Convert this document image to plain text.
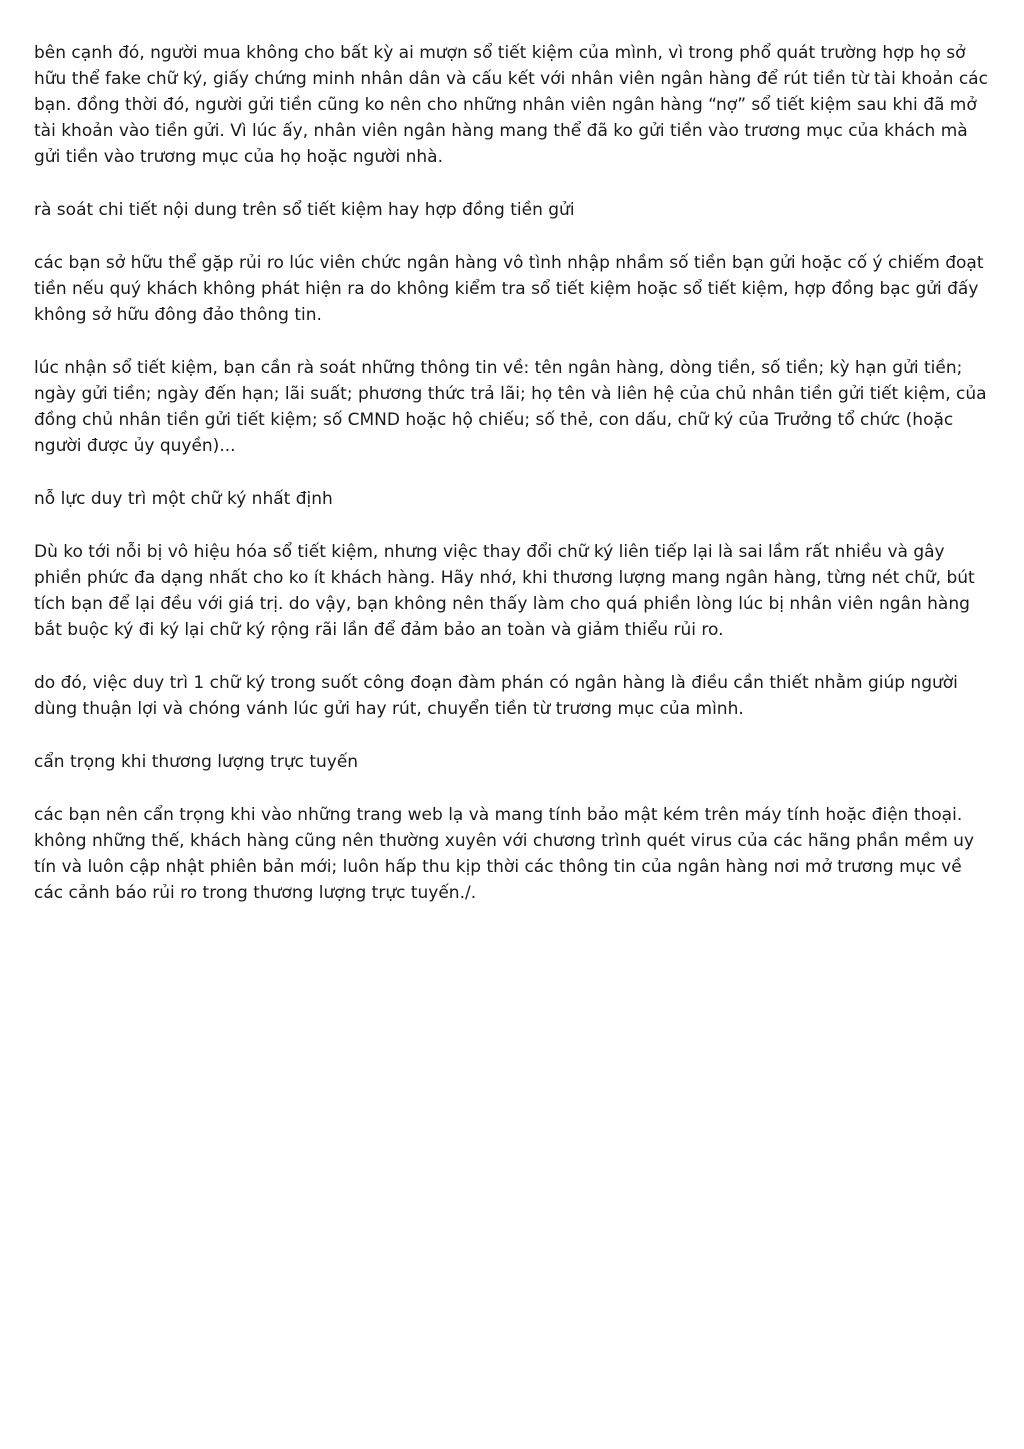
bên cạnh đó, người mua không cho bất kỳ ai mượn sổ tiết kiệm của mình, vì trong phổ quát trường hợp họ sở hữu thể fake chữ ký, giấy chứng minh nhân dân và cấu kết với nhân viên ngân hàng để rút tiền từ tài khoản các bạn. đồng thời đó, người gửi tiền cũng ko nên cho những nhân viên ngân hàng “nợ” sổ tiết kiệm sau khi đã mở tài khoản vào tiền gửi. Vì lúc ấy, nhân viên ngân hàng mang thể đã ko gửi tiền vào trương mục của khách mà gửi tiền vào trương mục của họ hoặc người nhà.

rà soát chi tiết nội dung trên sổ tiết kiệm hay hợp đồng tiền gửi

các bạn sở hữu thể gặp rủi ro lúc viên chức ngân hàng vô tình nhập nhầm số tiền bạn gửi hoặc cố ý chiếm đoạt tiền nếu quý khách không phát hiện ra do không kiểm tra sổ tiết kiệm hoặc sổ tiết kiệm, hợp đồng bạc gửi đấy không sở hữu đông đảo thông tin.

lúc nhận sổ tiết kiệm, bạn cần rà soát những thông tin về: tên ngân hàng, dòng tiền, số tiền; kỳ hạn gửi tiền; ngày gửi tiền; ngày đến hạn; lãi suất; phương thức trả lãi; họ tên và liên hệ của chủ nhân tiền gửi tiết kiệm, của đồng chủ nhân tiền gửi tiết kiệm; số CMND hoặc hộ chiếu; số thẻ, con dấu, chữ ký của Trưởng tổ chức (hoặc người được ủy quyền)...

nỗ lực duy trì một chữ ký nhất định

Dù ko tới nỗi bị vô hiệu hóa sổ tiết kiệm, nhưng việc thay đổi chữ ký liên tiếp lại là sai lầm rất nhiều và gây phiền phức đa dạng nhất cho ko ít khách hàng. Hãy nhớ, khi thương lượng mang ngân hàng, từng nét chữ, bút tích bạn để lại đều với giá trị. do vậy, bạn không nên thấy làm cho quá phiền lòng lúc bị nhân viên ngân hàng bắt buộc ký đi ký lại chữ ký rộng rãi lần để đảm bảo an toàn và giảm thiểu rủi ro.

do đó, việc duy trì 1 chữ ký trong suốt công đoạn đàm phán có ngân hàng là điều cần thiết nhằm giúp người dùng thuận lợi và chóng vánh lúc gửi hay rút, chuyển tiền từ trương mục của mình.

cẩn trọng khi thương lượng trực tuyến

các bạn nên cẩn trọng khi vào những trang web lạ và mang tính bảo mật kém trên máy tính hoặc điện thoại. không những thế, khách hàng cũng nên thường xuyên với chương trình quét virus của các hãng phần mềm uy tín và luôn cập nhật phiên bản mới; luôn hấp thu kịp thời các thông tin của ngân hàng nơi mở trương mục về các cảnh báo rủi ro trong thương lượng trực tuyến./.
